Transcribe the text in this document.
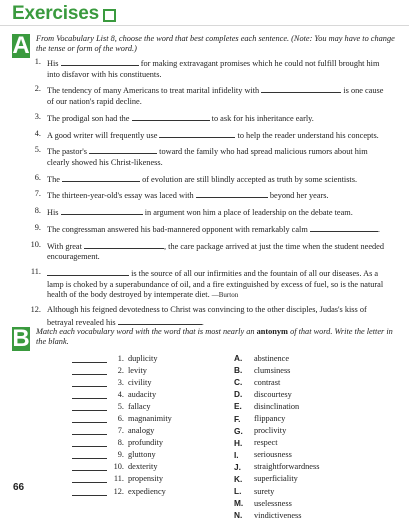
Exercises
A From Vocabulary List 8, choose the word that best completes each sentence. (Note: You may have to change the tense or form of the word.)
1. His	for making extravagant promises which he could not fulfill brought him into disfavor with his constituents.
2. The tendency of many Americans to treat marital infidelity with	is one cause of our nation's rapid decline.
3. The prodigal son had the	to ask for his inheritance early.
4. A good writer will frequently use	to help the reader understand his concepts.
5. The pastor's	toward the family who had spread malicious rumors about him clearly showed his Christ-likeness.
6. The	of evolution are still blindly accepted as truth by some scientists.
7. The thirteen-year-old's essay was laced with	beyond her years.
8. His	in argument won him a place of leadership on the debate team.
9. The congressman answered his bad-mannered opponent with remarkably calm	.
10. With great	, the care package arrived at just the time when the student needed encouragement.
11.	is the source of all our infirmities and the fountain of all our diseases. As a lamp is choked by a superabundance of oil, and a fire extinguished by excess of fuel, so is the natural health of the body destroyed by intemperate diet. —Burton
12. Although his feigned devotedness to Christ was convincing to the other disciples, Judas's kiss of betrayal revealed his	.
B Match each vocabulary word with the word that is most nearly an antonym of that word. Write the letter in the blank.
1. duplicity
2. levity
3. civility
4. audacity
5. fallacy
6. magnanimity
7. analogy
8. profundity
9. gluttony
10. dexterity
11. propensity
12. expediency
A.	abstinence
B.	clumsiness
C.	contrast
D.	discourtesy
E.	disinclination
F.	flippancy
G.	proclivity
H.	respect
I.	seriousness
J.	straightforwardness
K.	superficiality
L.	surety
M.	uselessness
N.	vindictiveness
66
